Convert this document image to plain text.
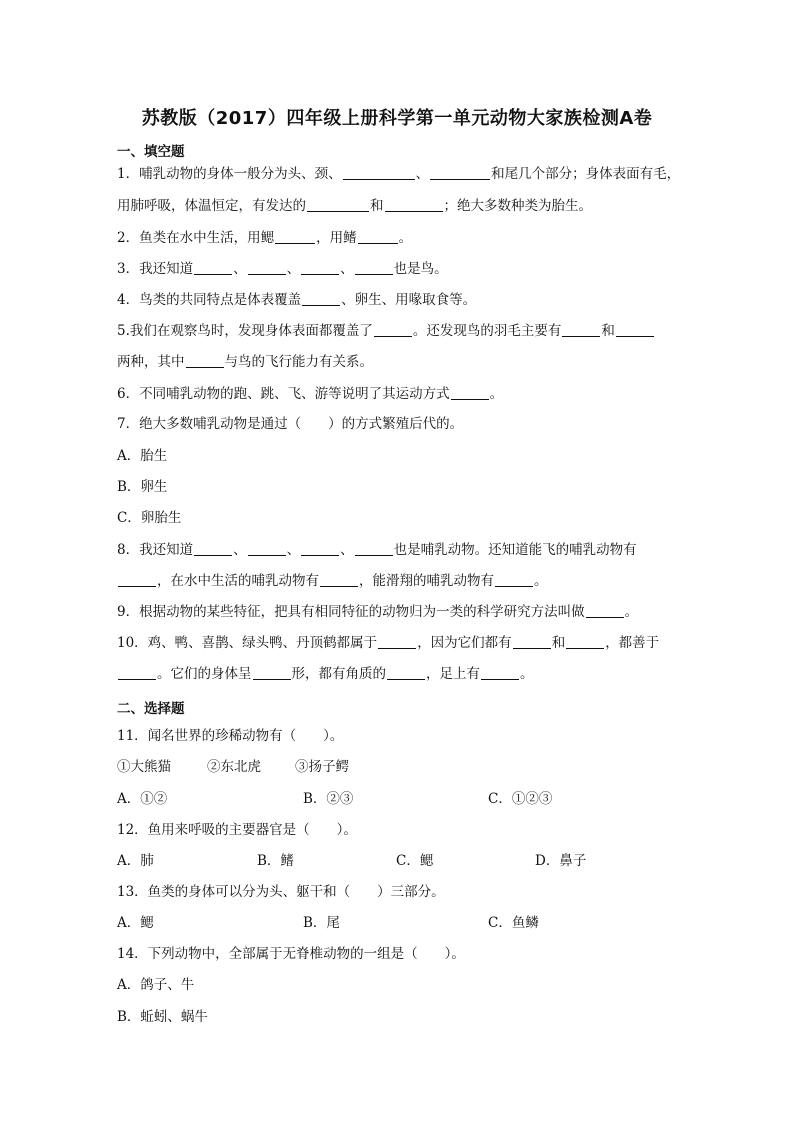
苏教版（2017）四年级上册科学第一单元动物大家族检测A卷
一、填空题
1．哺乳动物的身体一般分为头、颈、	、	和尾几个部分；身体表面有毛，
用肺呼吸，体温恒定，有发达的	和	；绝大多数种类为胎生。
2．鱼类在水中生活，用鳃	，用鳍	。
3．我还知道	、	、	、	也是鸟。
4．鸟类的共同特点是体表覆盖	、卵生、用喙取食等。
5.我们在观察鸟时，发现身体表面都覆盖了	。还发现鸟的羽毛主要有	和
两种，其中	与鸟的飞行能力有关系。
6．不同哺乳动物的跑、跳、飞、游等说明了其运动方式	。
7．绝大多数哺乳动物是通过（　　）的方式繁殖后代的。
A．胎生
B．卵生
C．卵胎生
8．我还知道	、	、	、	也是哺乳动物。还知道能飞的哺乳动物有
，在水中生活的哺乳动物有	，能滑翔的哺乳动物有	。
9．根据动物的某些特征，把具有相同特征的动物归为一类的科学研究方法叫做	。
10．鸡、鸭、喜鹊、绿头鸭、丹顶鹤都属于	，因为它们都有	和	，都善于
。它们的身体呈	形，都有角质的	，足上有	。
二、选择题
11．闻名世界的珍稀动物有（　　）。
①大熊猫	②东北虎	③扬子鳄
A．①②	B．②③	C．①②③
12．鱼用来呼吸的主要器官是（　　）。
A．肺	B．鳍	C．鳃	D．鼻子
13．鱼类的身体可以分为头、躯干和（　　）三部分。
A．鳃	B．尾	C．鱼鳞
14．下列动物中，全部属于无脊椎动物的一组是（　　）。
A．鸽子、牛
B．蚯蚓、蜗牛
